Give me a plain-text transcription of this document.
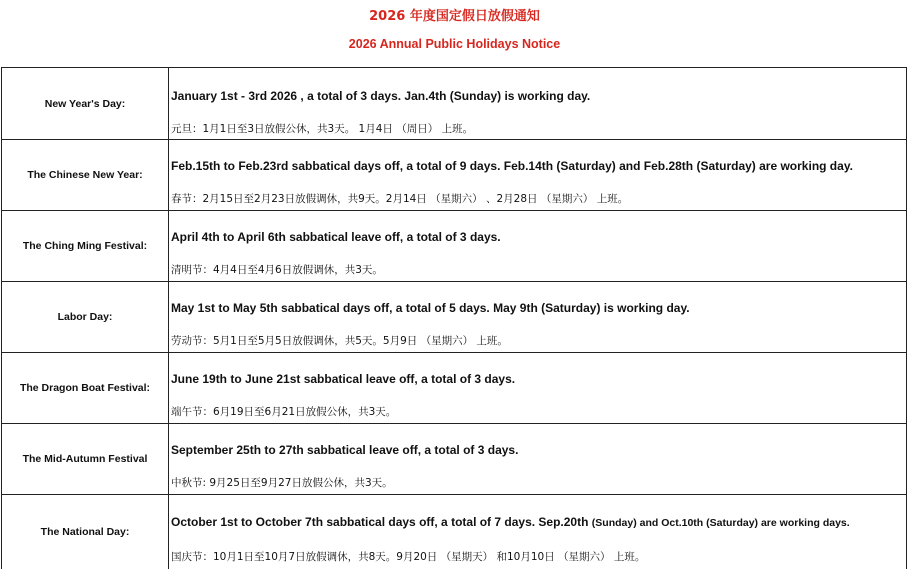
2026 年度国定假日放假通知
2026 Annual Public Holidays Notice
New Year's Day:
January 1st - 3rd 2026 , a total of 3 days. Jan.4th (Sunday) is working day.
元旦：1月1日至3日放假公休，共3天。 1月4日 （周日） 上班。
The Chinese New Year:
Feb.15th to Feb.23rd sabbatical days off, a total of 9 days. Feb.14th (Saturday) and Feb.28th (Saturday) are working day.
春节：2月15日至2月23日放假调休，共9天。2月14日 （星期六） 、2月28日 （星期六） 上班。
The Ching Ming Festival:
April 4th to April 6th sabbatical leave off, a total of 3 days.
清明节：4月4日至4月6日放假调休，共3天。
Labor Day:
May 1st to May 5th sabbatical days off, a total of 5 days. May 9th (Saturday) is working day.
劳动节：5月1日至5月5日放假调休，共5天。5月9日 （星期六） 上班。
The Dragon Boat Festival:
June 19th to June 21st sabbatical leave off, a total of 3 days.
端午节：6月19日至6月21日放假公休，共3天。
The Mid-Autumn Festival
September 25th to 27th sabbatical leave off, a total of 3 days.
中秋节: 9月25日至9月27日放假公休，共3天。
The National Day:
October 1st to October 7th sabbatical days off, a total of 7 days. Sep.20th (Sunday) and Oct.10th (Saturday) are working days.
国庆节：10月1日至10月7日放假调休，共8天。9月20日 （星期天） 和10月10日 （星期六） 上班。
